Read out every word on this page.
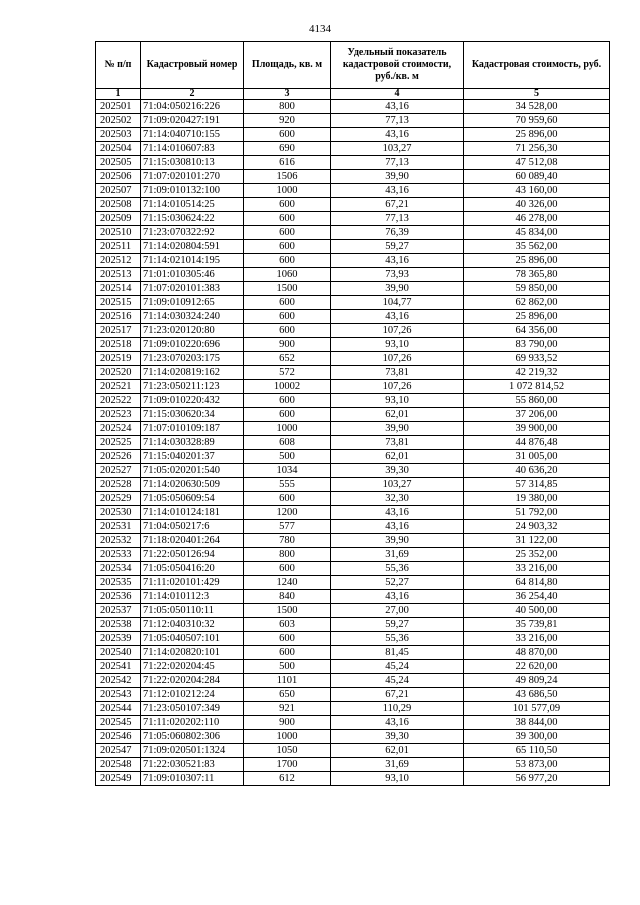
4134
№ п/п	Кадастровый номер	Площадь, кв. м	Удельный показатель кадастровой стоимости, руб./кв. м	Кадастровая стоимость, руб.
1	2	3	4	5
202501	71:04:050216:226	800	43,16	34 528,00
202502	71:09:020427:191	920	77,13	70 959,60
202503	71:14:040710:155	600	43,16	25 896,00
202504	71:14:010607:83	690	103,27	71 256,30
202505	71:15:030810:13	616	77,13	47 512,08
202506	71:07:020101:270	1506	39,90	60 089,40
202507	71:09:010132:100	1000	43,16	43 160,00
202508	71:14:010514:25	600	67,21	40 326,00
202509	71:15:030624:22	600	77,13	46 278,00
202510	71:23:070322:92	600	76,39	45 834,00
202511	71:14:020804:591	600	59,27	35 562,00
202512	71:14:021014:195	600	43,16	25 896,00
202513	71:01:010305:46	1060	73,93	78 365,80
202514	71:07:020101:383	1500	39,90	59 850,00
202515	71:09:010912:65	600	104,77	62 862,00
202516	71:14:030324:240	600	43,16	25 896,00
202517	71:23:020120:80	600	107,26	64 356,00
202518	71:09:010220:696	900	93,10	83 790,00
202519	71:23:070203:175	652	107,26	69 933,52
202520	71:14:020819:162	572	73,81	42 219,32
202521	71:23:050211:123	10002	107,26	1 072 814,52
202522	71:09:010220:432	600	93,10	55 860,00
202523	71:15:030620:34	600	62,01	37 206,00
202524	71:07:010109:187	1000	39,90	39 900,00
202525	71:14:030328:89	608	73,81	44 876,48
202526	71:15:040201:37	500	62,01	31 005,00
202527	71:05:020201:540	1034	39,30	40 636,20
202528	71:14:020630:509	555	103,27	57 314,85
202529	71:05:050609:54	600	32,30	19 380,00
202530	71:14:010124:181	1200	43,16	51 792,00
202531	71:04:050217:6	577	43,16	24 903,32
202532	71:18:020401:264	780	39,90	31 122,00
202533	71:22:050126:94	800	31,69	25 352,00
202534	71:05:050416:20	600	55,36	33 216,00
202535	71:11:020101:429	1240	52,27	64 814,80
202536	71:14:010112:3	840	43,16	36 254,40
202537	71:05:050110:11	1500	27,00	40 500,00
202538	71:12:040310:32	603	59,27	35 739,81
202539	71:05:040507:101	600	55,36	33 216,00
202540	71:14:020820:101	600	81,45	48 870,00
202541	71:22:020204:45	500	45,24	22 620,00
202542	71:22:020204:284	1101	45,24	49 809,24
202543	71:12:010212:24	650	67,21	43 686,50
202544	71:23:050107:349	921	110,29	101 577,09
202545	71:11:020202:110	900	43,16	38 844,00
202546	71:05:060802:306	1000	39,30	39 300,00
202547	71:09:020501:1324	1050	62,01	65 110,50
202548	71:22:030521:83	1700	31,69	53 873,00
202549	71:09:010307:11	612	93,10	56 977,20
